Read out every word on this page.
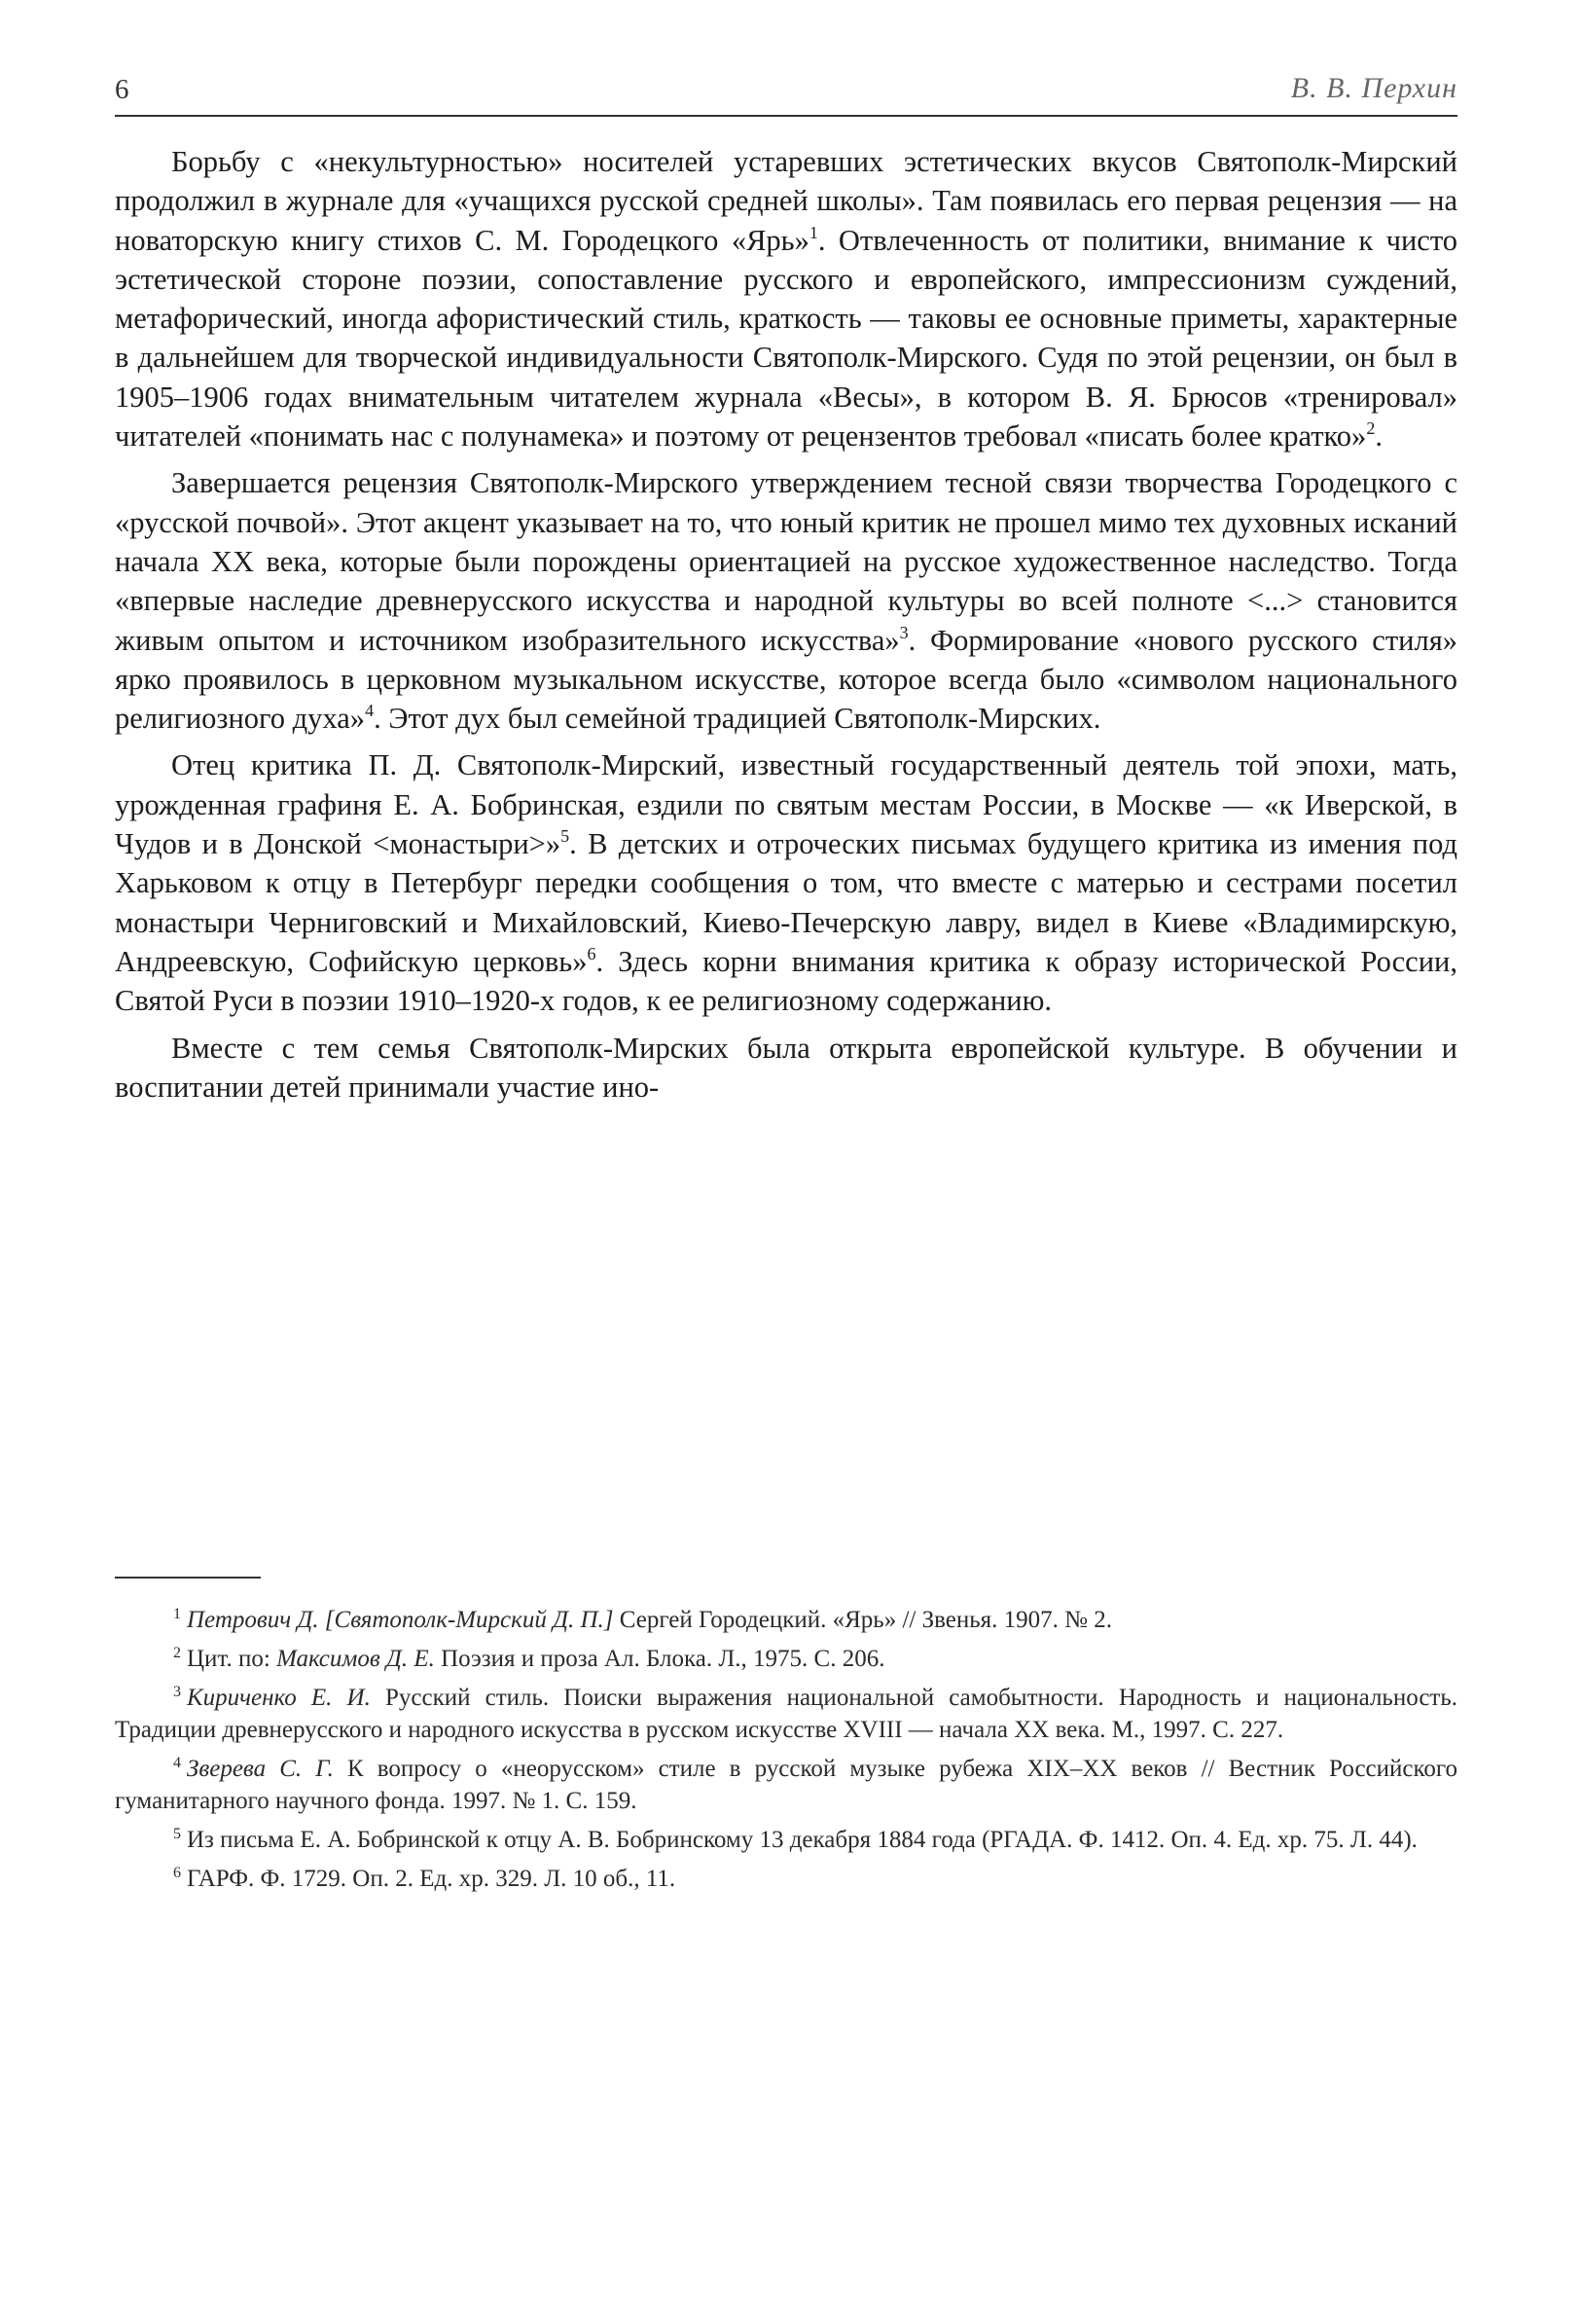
6	В. В. Перхин

Борьбу с «некультурностью» носителей устаревших эстетических вкусов Святополк-Мирский продолжил в журнале для «учащихся русской средней школы». Там появилась его первая рецензия — на новаторскую книгу стихов С. М. Городецкого «Ярь»$^1$. Отвлеченность от политики, внимание к чисто эстетической стороне поэзии, сопоставление русского и европейского, импрессионизм суждений, метафорический, иногда афористический стиль, краткость — таковы ее основные приметы, характерные в дальнейшем для творческой индивидуальности Святополк-Мирского. Судя по этой рецензии, он был в 1905–1906 годах внимательным читателем журнала «Весы», в котором В. Я. Брюсов «тренировал» читателей «понимать нас с полунамека» и поэтому от рецензентов требовал «писать более кратко»$^2$.

Завершается рецензия Святополк-Мирского утверждением тесной связи творчества Городецкого с «русской почвой». Этот акцент указывает на то, что юный критик не прошел мимо тех духовных исканий начала XX века, которые были порождены ориентацией на русское художественное наследство. Тогда «впервые наследие древнерусского искусства и народной культуры во всей полноте <...> становится живым опытом и источником изобразительного искусства»$^3$. Формирование «нового русского стиля» ярко проявилось в церковном музыкальном искусстве, которое всегда было «символом национального религиозного духа»$^4$. Этот дух был семейной традицией Святополк-Мирских.

Отец критика П. Д. Святополк-Мирский, известный государственный деятель той эпохи, мать, урожденная графиня Е. А. Бобринская, ездили по святым местам России, в Москве — «к Иверской, в Чудов и в Донской <монастыри>»$^5$. В детских и отроческих письмах будущего критика из имения под Харьковом к отцу в Петербург передки сообщения о том, что вместе с матерью и сестрами посетил монастыри Черниговский и Михайловский, Киево-Печерскую лавру, видел в Киеве «Владимирскую, Андреевскую, Софийскую церковь»$^6$. Здесь корни внимания критика к образу исторической России, Святой Руси в поэзии 1910–1920-х годов, к ее религиозному содержанию.

Вместе с тем семья Святополк-Мирских была открыта европейской культуре. В обучении и воспитании детей принимали участие ино-

$^1$ Петрович Д. [Святополк-Мирский Д. П.] Сергей Городецкий. «Ярь» // Звенья. 1907. № 2.
$^2$ Цит. по: Максимов Д. Е. Поэзия и проза Ал. Блока. Л., 1975. С. 206.
$^3$ Кириченко Е. И. Русский стиль. Поиски выражения национальной самобытности. Народность и национальность. Традиции древнерусского и народного искусства в русском искусстве XVIII — начала XX века. М., 1997. С. 227.
$^4$ Зверева С. Г. К вопросу о «неорусском» стиле в русской музыке рубежа XIX–XX веков // Вестник Российского гуманитарного научного фонда. 1997. № 1. С. 159.
$^5$ Из письма Е. А. Бобринской к отцу А. В. Бобринскому 13 декабря 1884 года (РГАДА. Ф. 1412. Оп. 4. Ед. хр. 75. Л. 44).
$^6$ ГАРФ. Ф. 1729. Оп. 2. Ед. хр. 329. Л. 10 об., 11.
